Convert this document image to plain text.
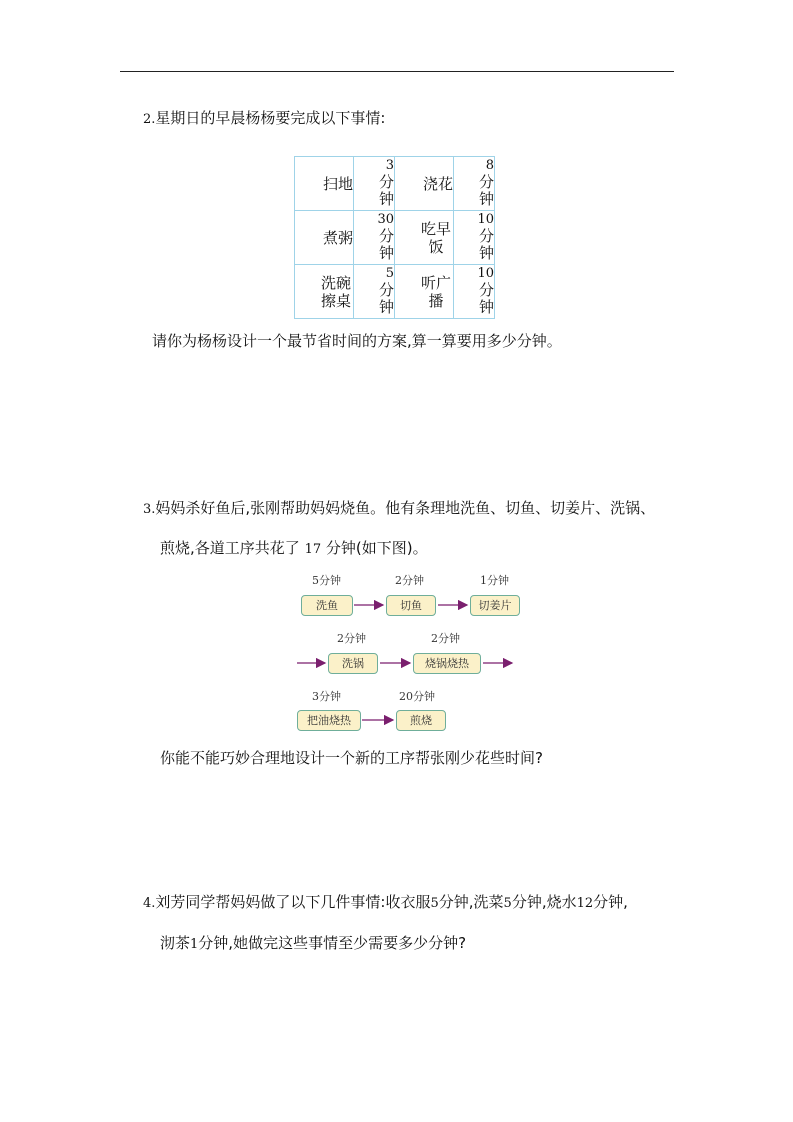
2.星期日的早晨杨杨要完成以下事情:
扫地	3
分
钟	浇花	8
分
钟

煮粥	30
分
钟	吃早饭	10
分
钟

洗碗擦桌	5
分
钟	听广播	10
分
钟
请你为杨杨设计一个最节省时间的方案,算一算要用多少分钟。
3.妈妈杀好鱼后,张刚帮助妈妈烧鱼。他有条理地洗鱼、切鱼、切姜片、洗锅、
煎烧,各道工序共花了 17 分钟(如下图)。
5分钟	2分钟	1分钟
洗鱼	切鱼	切姜片
2分钟	2分钟
洗锅	烧锅烧热
3分钟	20分钟
把油烧热	煎烧
你能不能巧妙合理地设计一个新的工序帮张刚少花些时间?
4.刘芳同学帮妈妈做了以下几件事情:收衣服5分钟,洗菜5分钟,烧水12分钟,
沏茶1分钟,她做完这些事情至少需要多少分钟?
